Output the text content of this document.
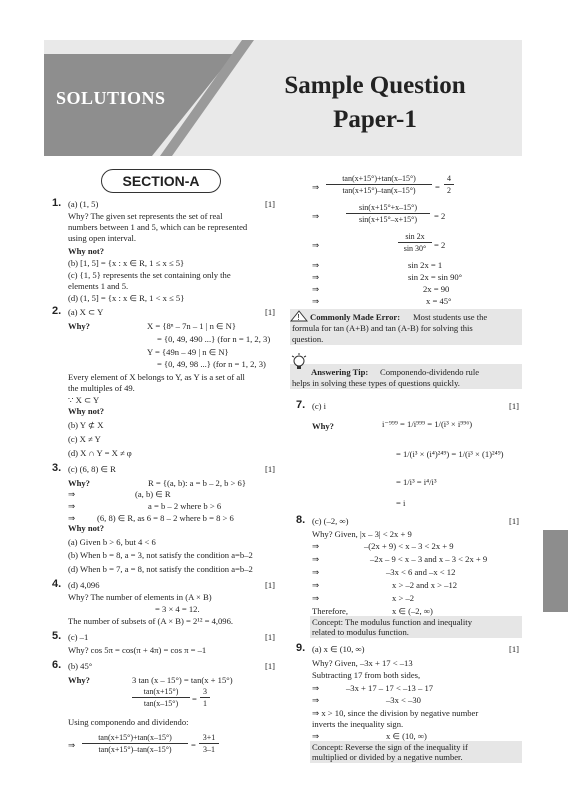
SOLUTIONS	Sample Question
Paper-1
SECTION-A
1. (a) (1, 5)	[1]
Why? The given set represents the set of real
numbers between 1 and 5, which can be represented
using open interval.
Why not?
(b) [1, 5] = {x : x ∈ R, 1 ≤ x ≤ 5}
(c) {1, 5} represents the set containing only the
elements 1 and 5.
(d) (1, 5] = {x : x ∈ R, 1 < x ≤ 5}
2. (a) X ⊂ Y	[1]
Why?	X = {8ⁿ – 7n – 1 | n ∈ N}
= {0, 49, 490 ...} (for n = 1, 2, 3)
Y = {49n – 49 | n ∈ N}
= {0, 49, 98 ...} (for n = 1, 2, 3)
Every element of X belongs to Y, as Y is a set of all
the multiples of 49.
∵ X ⊂ Y
Why not?
(b) Y ⊄ X
(c) X ≠ Y
(d) X ∩ Y = X ≠ φ
3. (c) (6, 8) ∈ R	[1]
Why?	R = {(a, b): a = b – 2, b > 6}
⇒	(a, b) ∈ R
⇒	a = b – 2 where b > 6
⇒	(6, 8) ∈ R, as 6 = 8 – 2 where b = 8 > 6
Why not?
(a) Given b > 6, but 4 < 6
(b) When b = 8, a = 3, not satisfy the condition a=b–2
(d) When b = 7, a = 8, not satisfy the condition a=b–2
4. (d) 4,096	[1]
Why? The number of elements in (A × B)
= 3 × 4 = 12.
The number of subsets of (A × B) = 2¹² = 4,096.
5. (c) –1	[1]
Why? cos 5π = cos(π + 4π) = cos π = –1
6. (b) 45°	[1]
Why?	3 tan (x – 15°) = tan(x + 15°)
$\frac{\tan(x+15^\circ)}{\tan(x-15^\circ)} = \frac{3}{1}$
Using componendo and dividendo:
⇒ $\frac{\tan(x+15^\circ)+\tan(x-15^\circ)}{\tan(x+15^\circ)-\tan(x-15^\circ)} = \frac{3+1}{3-1}$
⇒ $\frac{\tan(x+15^\circ)+\tan(x-15^\circ)}{\tan(x+15^\circ)-\tan(x-15^\circ)} = \frac{4}{2}$
⇒	$\frac{\sin(x+15^\circ+x-15^\circ)}{\sin(x+15^\circ-x+15^\circ)} = 2$
⇒	$\frac{\sin 2x}{\sin 30^\circ} = 2$
⇒	sin 2x = 1
⇒	sin 2x = sin 90°
⇒	2x = 90
⇒	x = 45°
! Commonly Made Error: Most students use the
formula for tan (A+B) and tan (A-B) for solving this
question.
Answering Tip: Componendo-dividendo rule
helps in solving these types of questions quickly.
7. (c) i	[1]
Why?	i⁻⁹⁹⁹ = 1/i⁹⁹⁹ = 1/(i³ × i⁹⁹⁶)
= 1/(i³ × (i⁴)²⁴⁹) = 1/(i³ × (1)²⁴⁹)
= 1/i³ = i⁴/i³
= i
8. (c) (–2, ∞)	[1]
Why? Given, |x – 3| < 2x + 9
⇒	–(2x + 9) < x – 3 < 2x + 9
⇒	–2x – 9 < x – 3 and x – 3 < 2x + 9
⇒	–3x < 6 and –x < 12
⇒	x > –2 and x > –12
⇒	x > –2
Therefore,	x ∈ (–2, ∞)
Concept: The modulus function and inequality
related to modulus function.
9. (a) x ∈ (10, ∞)	[1]
Why? Given, –3x + 17 < –13
Subtracting 17 from both sides,
⇒	–3x + 17 – 17 < –13 – 17
⇒	–3x < –30
⇒ x > 10, since the division by negative number
inverts the inequality sign.
⇒	x ∈ (10, ∞)
Concept: Reverse the sign of the inequality if
multiplied or divided by a negative number.
